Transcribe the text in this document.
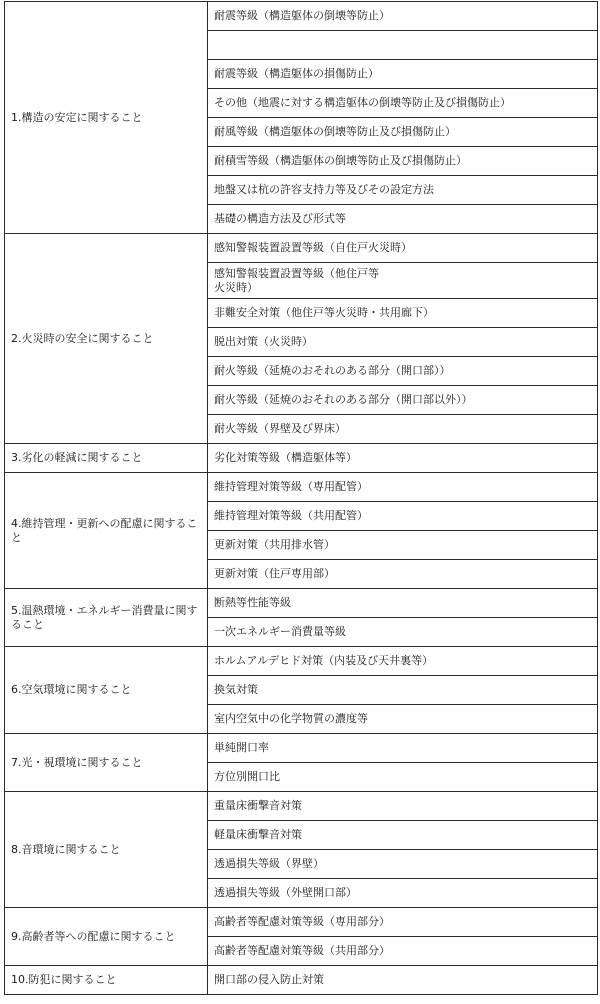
1.構造の安定に関すること	耐震等級（構造躯体の倒壊等防止）

	耐震等級（構造躯体の損傷防止）
	その他（地震に対する構造躯体の倒壊等防止及び損傷防止）
	耐風等級（構造躯体の倒壊等防止及び損傷防止）
	耐積雪等級（構造躯体の倒壊等防止及び損傷防止）
	地盤又は杭の許容支持力等及びその設定方法
	基礎の構造方法及び形式等
2.火災時の安全に関すること	感知警報装置設置等級（自住戸火災時）
	感知警報装置設置等級（他住戸等
火災時）
	非難安全対策（他住戸等火災時・共用廊下）
	脱出対策（火災時）
	耐火等級（延焼のおそれのある部分（開口部））
	耐火等級（延焼のおそれのある部分（開口部以外））
	耐火等級（界壁及び界床）
3.劣化の軽減に関すること	劣化対策等級（構造躯体等）
4.維持管理・更新への配慮に関すること	維持管理対策等級（専用配管）
	維持管理対策等級（共用配管）
	更新対策（共用排水管）
	更新対策（住戸専用部）
5.温熱環境・エネルギー消費量に関すること	断熱等性能等級
	一次エネルギー消費量等級
6.空気環境に関すること	ホルムアルデヒド対策（内装及び天井裏等）
	換気対策
	室内空気中の化学物質の濃度等
7.光・視環境に関すること	単純開口率
	方位別開口比
8.音環境に関すること	重量床衝撃音対策
	軽量床衝撃音対策
	透過損失等級（界壁）
	透過損失等級（外壁開口部）
9.高齢者等への配慮に関すること	高齢者等配慮対策等級（専用部分）
	高齢者等配慮対策等級（共用部分）
10.防犯に関すること	開口部の侵入防止対策
